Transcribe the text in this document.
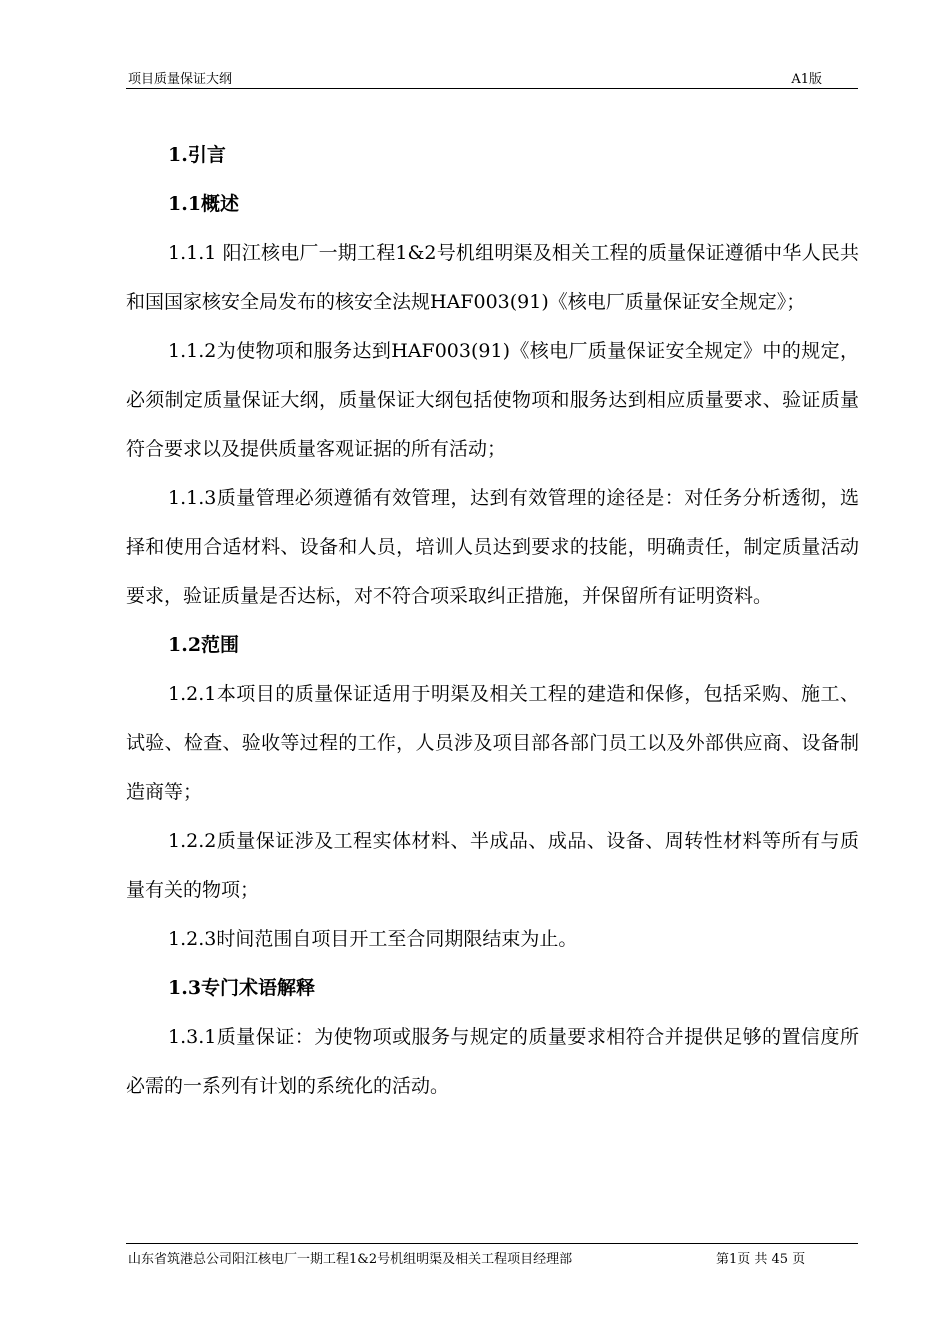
项目质量保证大纲	A1版

1.引言

1.1概述

1.1.1 阳江核电厂一期工程1&2号机组明渠及相关工程的质量保证遵循中华人民共和国国家核安全局发布的核安全法规HAF003(91)《核电厂质量保证安全规定》；

1.1.2为使物项和服务达到HAF003(91)《核电厂质量保证安全规定》中的规定，必须制定质量保证大纲，质量保证大纲包括使物项和服务达到相应质量要求、验证质量符合要求以及提供质量客观证据的所有活动；

1.1.3质量管理必须遵循有效管理，达到有效管理的途径是：对任务分析透彻，选择和使用合适材料、设备和人员，培训人员达到要求的技能，明确责任，制定质量活动要求，验证质量是否达标，对不符合项采取纠正措施，并保留所有证明资料。

1.2范围

1.2.1本项目的质量保证适用于明渠及相关工程的建造和保修，包括采购、施工、试验、检查、验收等过程的工作，人员涉及项目部各部门员工以及外部供应商、设备制造商等；

1.2.2质量保证涉及工程实体材料、半成品、成品、设备、周转性材料等所有与质量有关的物项；

1.2.3时间范围自项目开工至合同期限结束为止。

1.3专门术语解释

1.3.1质量保证：为使物项或服务与规定的质量要求相符合并提供足够的置信度所必需的一系列有计划的系统化的活动。

山东省筑港总公司阳江核电厂一期工程1&2号机组明渠及相关工程项目经理部	第1页 共 45 页
